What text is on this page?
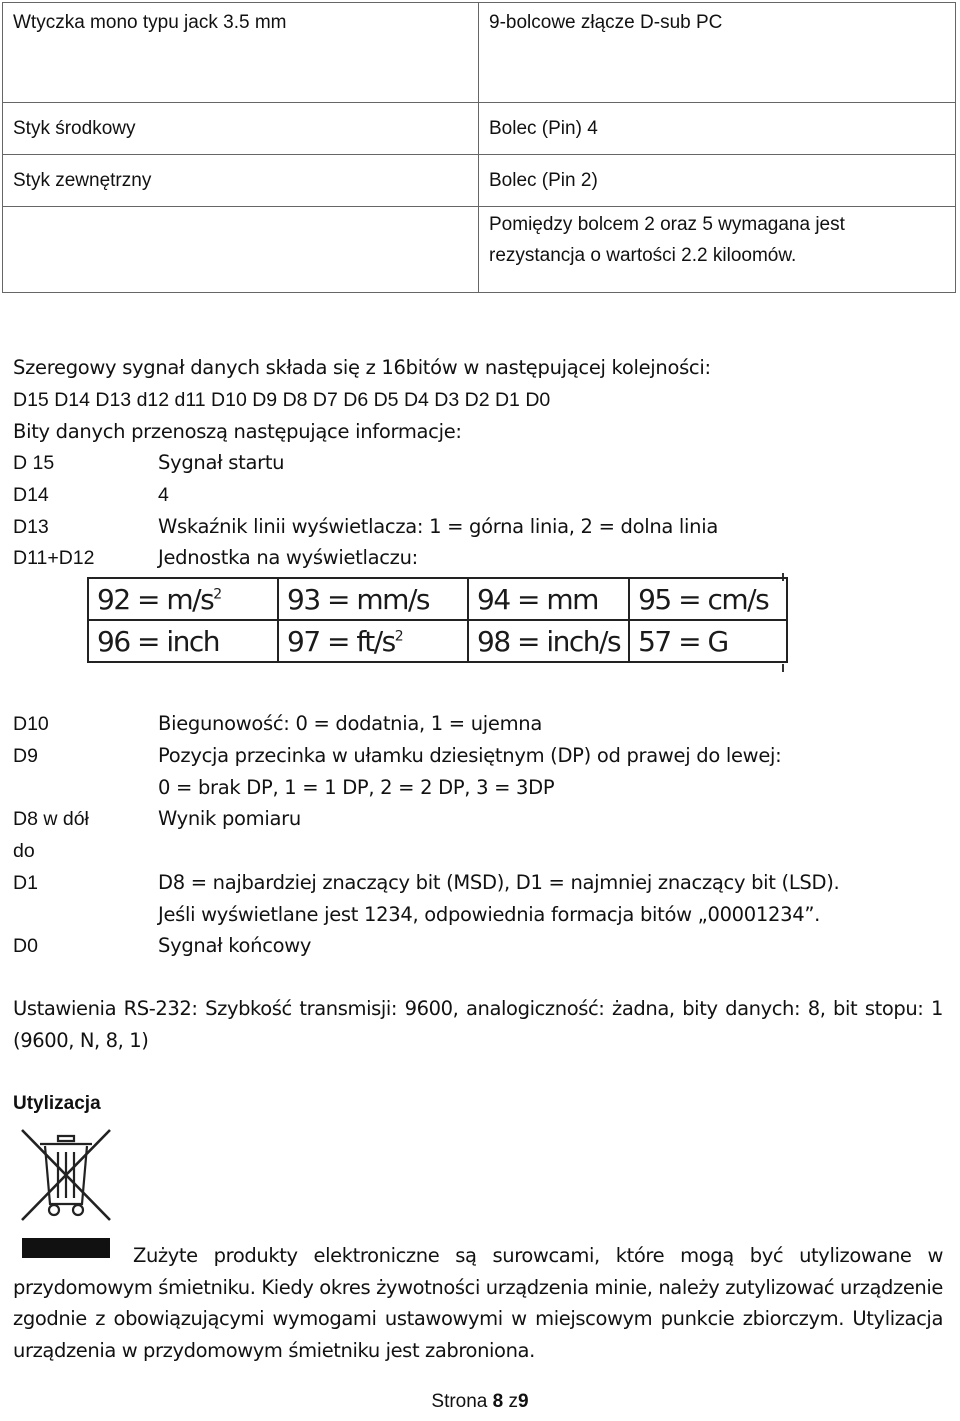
Wtyczka mono typu jack 3.5 mm	9-bolcowe złącze D-sub PC
Styk środkowy	Bolec (Pin) 4
Styk zewnętrzny	Bolec (Pin 2)
	Pomiędzy bolcem 2 oraz 5 wymagana jest rezystancja o wartości 2.2 kiloomów.
Szeregowy sygnał danych składa się z 16bitów w następującej kolejności:
D15 D14 D13 d12 d11 D10 D9 D8 D7 D6 D5 D4 D3 D2 D1 D0
Bity danych przenoszą następujące informacje:
D 15	Sygnał startu
D14	4
D13	Wskaźnik linii wyświetlacza: 1 = górna linia, 2 = dolna linia
D11+D12	Jednostka na wyświetlaczu:
$92 = m/s^2$	93 = mm/s	94 = mm	95 = cm/s
96 = inch	$97 = ft/s^2$	98 = inch/s	57 = G
D10	Biegunowość: 0 = dodatnia, 1 = ujemna
D9	Pozycja przecinka w ułamku dziesiętnym (DP) od prawej do lewej:
0 = brak DP, 1 = 1 DP, 2 = 2 DP, 3 = 3DP
D8 w dół	Wynik pomiaru
do
D1	D8 = najbardziej znaczący bit (MSD), D1 = najmniej znaczący bit (LSD).
Jeśli wyświetlane jest 1234, odpowiednia formacja bitów „00001234”.
D0	Sygnał końcowy
Ustawienia RS-232: Szybkość transmisji: 9600, analogiczność: żadna, bity danych: 8, bit stopu: 1 (9600, N, 8, 1)
Utylizacja
Zużyte produkty elektroniczne są surowcami, które mogą być utylizowane w przydomowym śmietniku. Kiedy okres żywotności urządzenia minie, należy zutylizować urządzenie zgodnie z obowiązującymi wymogami ustawowymi w miejscowym punkcie zbiorczym. Utylizacja urządzenia w przydomowym śmietniku jest zabroniona.
Strona 8 z9
